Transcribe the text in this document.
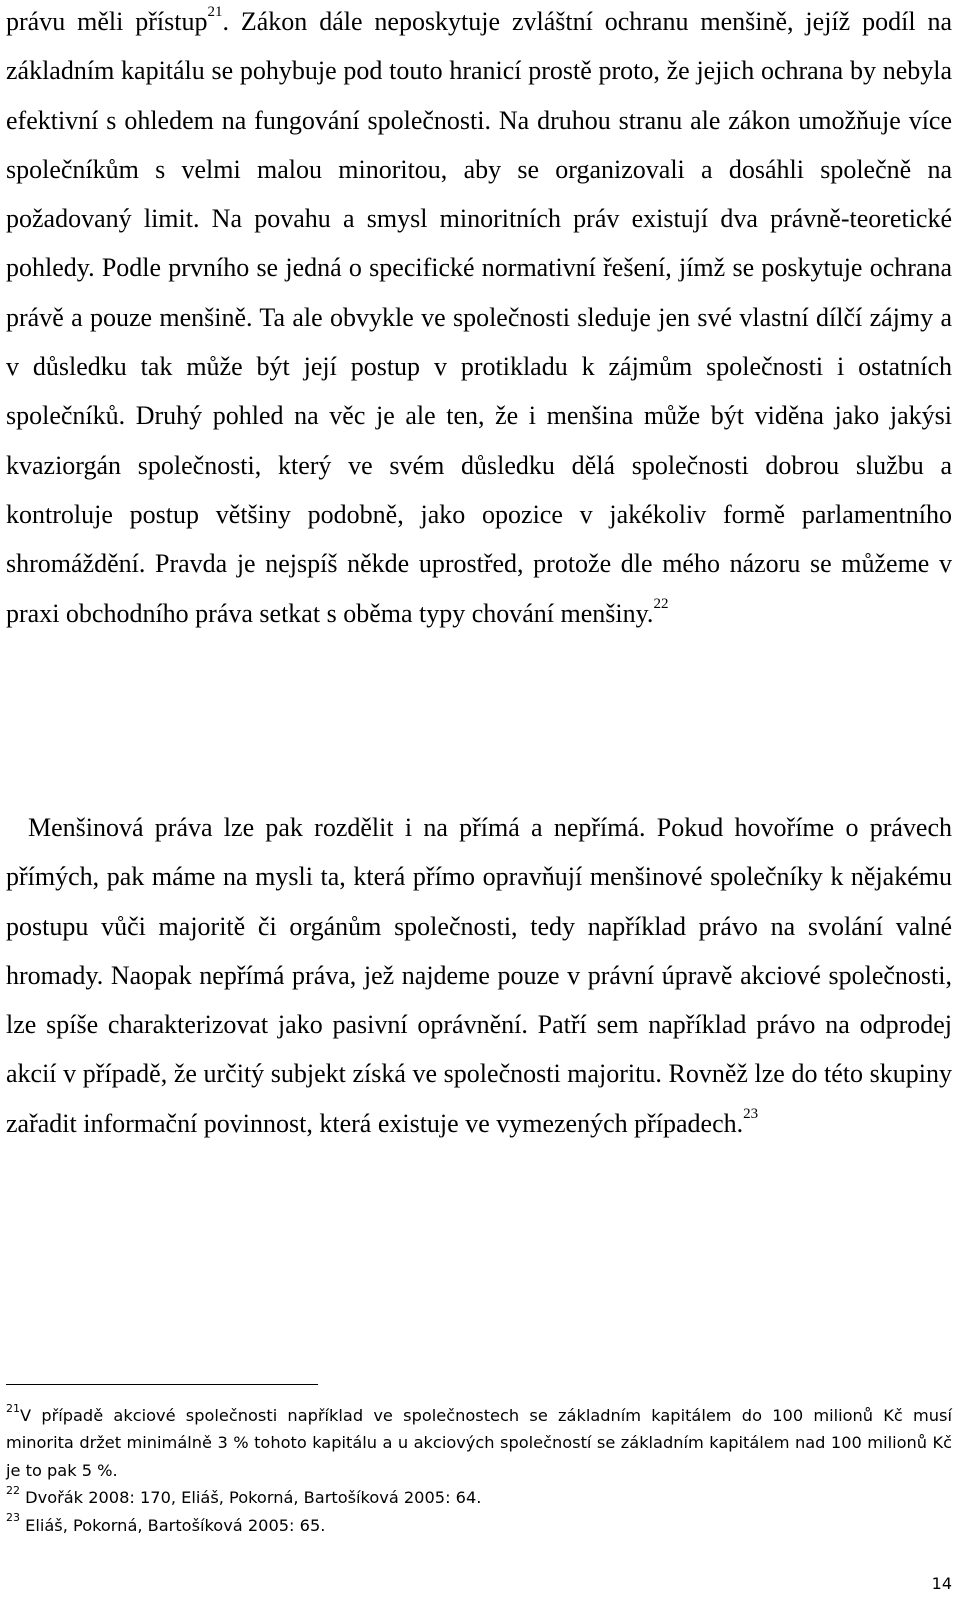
právu měli přístup$^{21}$. Zákon dále neposkytuje zvláštní ochranu menšině, jejíž podíl na základním kapitálu se pohybuje pod touto hranicí prostě proto, že jejich ochrana by nebyla efektivní s ohledem na fungování společnosti. Na druhou stranu ale zákon umožňuje více společníkům s velmi malou minoritou, aby se organizovali a dosáhli společně na požadovaný limit. Na povahu a smysl minoritních práv existují dva právně-teoretické pohledy. Podle prvního se jedná o specifické normativní řešení, jímž se poskytuje ochrana právě a pouze menšině. Ta ale obvykle ve společnosti sleduje jen své vlastní dílčí zájmy a v důsledku tak může být její postup v protikladu k zájmům společnosti i ostatních společníků. Druhý pohled na věc je ale ten, že i menšina může být viděna jako jakýsi kvaziorgán společnosti, který ve svém důsledku dělá společnosti dobrou službu a kontroluje postup většiny podobně, jako opozice v jakékoliv formě parlamentního shromáždění. Pravda je nejspíš někde uprostřed, protože dle mého názoru se můžeme v praxi obchodního práva setkat s oběma typy chování menšiny.$^{22}$

Menšinová práva lze pak rozdělit i na přímá a nepřímá. Pokud hovoříme o právech přímých, pak máme na mysli ta, která přímo opravňují menšinové společníky k nějakému postupu vůči majoritě či orgánům společnosti, tedy například právo na svolání valné hromady. Naopak nepřímá práva, jež najdeme pouze v právní úpravě akciové společnosti, lze spíše charakterizovat jako pasivní oprávnění. Patří sem například právo na odprodej akcií v případě, že určitý subjekt získá ve společnosti majoritu. Rovněž lze do této skupiny zařadit informační povinnost, která existuje ve vymezených případech.$^{23}$

$^{21}$V případě akciové společnosti například ve společnostech se základním kapitálem do 100 milionů Kč musí minorita držet minimálně 3 % tohoto kapitálu a u akciových společností se základním kapitálem nad 100 milionů Kč je to pak 5 %.

$^{22}$ Dvořák 2008: 170, Eliáš, Pokorná, Bartošíková 2005: 64.

$^{23}$ Eliáš, Pokorná, Bartošíková 2005: 65.

14
